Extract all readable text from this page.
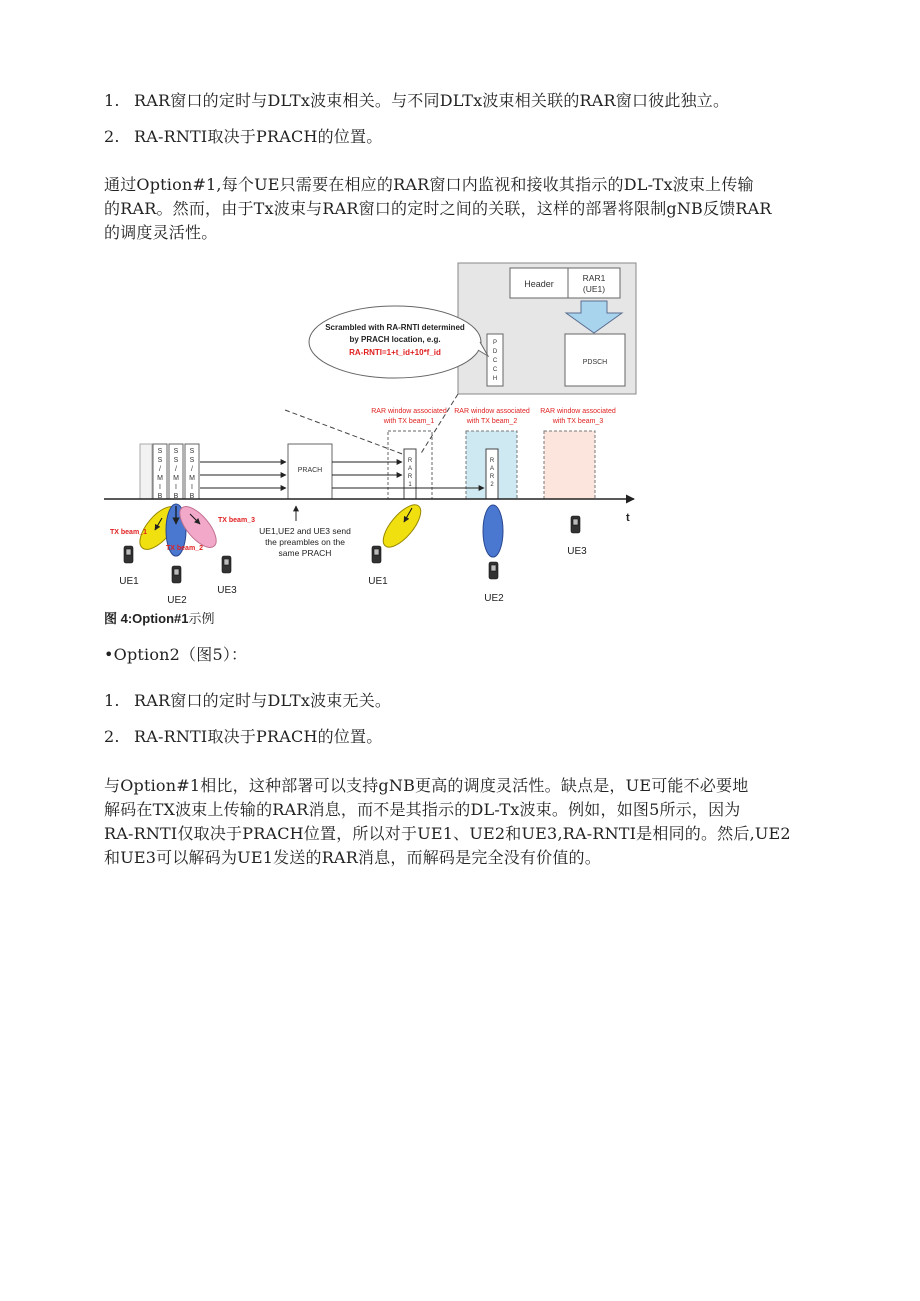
1. RAR窗口的定时与DLTx波束相关。与不同DLTx波束相关联的RAR窗口彼此独立。
2. RA-RNTI取决于PRACH的位置。
通过Option#1,每个UE只需要在相应的RAR窗口内监视和接收其指示的DL-Tx波束上传输
的RAR。然而，由于Tx波束与RAR窗口的定时之间的关联，这样的部署将限制gNB反馈RAR
的调度灵活性。
Header
RAR1
(UE1)
PDSCH
P
D
C
C
H
Scrambled with RA-RNTI determined
by PRACH location, e.g.
RA-RNTI=1+t_id+10*f_id
RAR window associated
with TX beam_1
RAR window associated
with TX beam_2
RAR window associated
with TX beam_3
S
S
/
M
I
B
S
S
/
M
I
B
S
S
/
M
I
B
PRACH
R
A
R
1
R
A
R
2
t
TX beam_1
TX beam_2
TX beam_3
UE1,UE2 and UE3 send
the preambles on the
same PRACH
UE1
UE2
UE3
UE1
UE2
UE3
图 4:Option#1示例
•Option2（图5）：
1. RAR窗口的定时与DLTx波束无关。
2. RA-RNTI取决于PRACH的位置。
与Option#1相比，这种部署可以支持gNB更高的调度灵活性。缺点是，UE可能不必要地
解码在TX波束上传输的RAR消息，而不是其指示的DL-Tx波束。例如，如图5所示，因为
RA-RNTI仅取决于PRACH位置，所以对于UE1、UE2和UE3,RA-RNTI是相同的。然后,UE2
和UE3可以解码为UE1发送的RAR消息，而解码是完全没有价值的。
